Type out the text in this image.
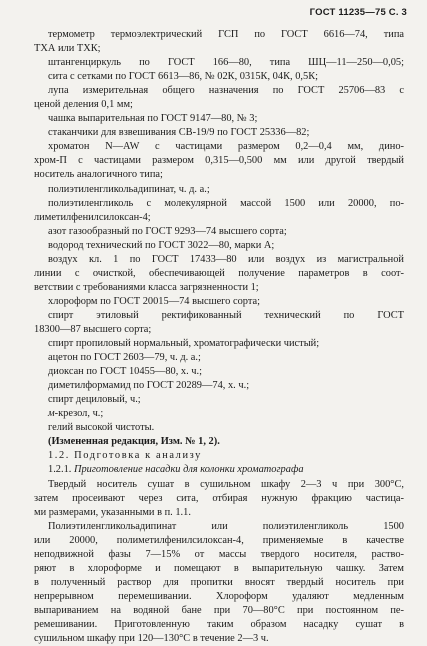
ГОСТ 11235—75 С. 3
термометр термоэлектрический ГСП по ГОСТ 6616—74, типа
ТХА или ТХК;
штангенциркуль по ГОСТ 166—80, типа ШЦ—11—250—0,05;
сита с сетками по ГОСТ 6613—86, № 02К, 0315К, 04К, 0,5К;
лупа измерительная общего назначения по ГОСТ 25706—83 с
ценой деления 0,1 мм;
чашка выпарительная по ГОСТ 9147—80, № 3;
стаканчики для взвешивания СВ-19/9 по ГОСТ 25336—82;
хроматон N—AW с частицами размером 0,2—0,4 мм, дино-
хром-П с частицами размером 0,315—0,500 мм или другой твердый
носитель аналогичного типа;
полиэтиленгликольадипинат, ч. д. а.;
полиэтиленгликоль с молекулярной массой 1500 или 20000, по-
лиметилфенилсилоксан-4;
азот газообразный по ГОСТ 9293—74 высшего сорта;
водород технический по ГОСТ 3022—80, марки А;
воздух кл. 1 по ГОСТ 17433—80 или воздух из магистральной
линии с очисткой, обеспечивающей получение параметров в соот-
ветствии с требованиями класса загрязненности 1;
хлороформ по ГОСТ 20015—74 высшего сорта;
спирт этиловый ректификованный технический по ГОСТ
18300—87 высшего сорта;
спирт пропиловый нормальный, хроматографически чистый;
ацетон по ГОСТ 2603—79, ч. д. а.;
диоксан по ГОСТ 10455—80, х. ч.;
диметилформамид по ГОСТ 20289—74, х. ч.;
спирт дециловый, ч.;
м-крезол, ч.;
гелий высокой чистоты.
(Измененная редакция, Изм. № 1, 2).
1.2. Подготовка к анализу
1.2.1. Приготовление насадки для колонки хроматографа
Твердый носитель сушат в сушильном шкафу 2—3 ч при 300°С,
затем просеивают через сита, отбирая нужную фракцию частица-
ми размерами, указанными в п. 1.1.
Полиэтиленгликольадипинат или полиэтиленгликоль 1500
или 20000, полиметилфенилсилоксан-4, применяемые в качестве
неподвижной фазы 7—15% от массы твердого носителя, раство-
ряют в хлороформе и помещают в выпарительную чашку. Затем
в полученный раствор для пропитки вносят твердый носитель при
непрерывном перемешивании. Хлороформ удаляют медленным
выпариванием на водяной бане при 70—80°С при постоянном пе-
ремешивании. Приготовленную таким образом насадку сушат в
сушильном шкафу при 120—130°С в течение 2—3 ч.
